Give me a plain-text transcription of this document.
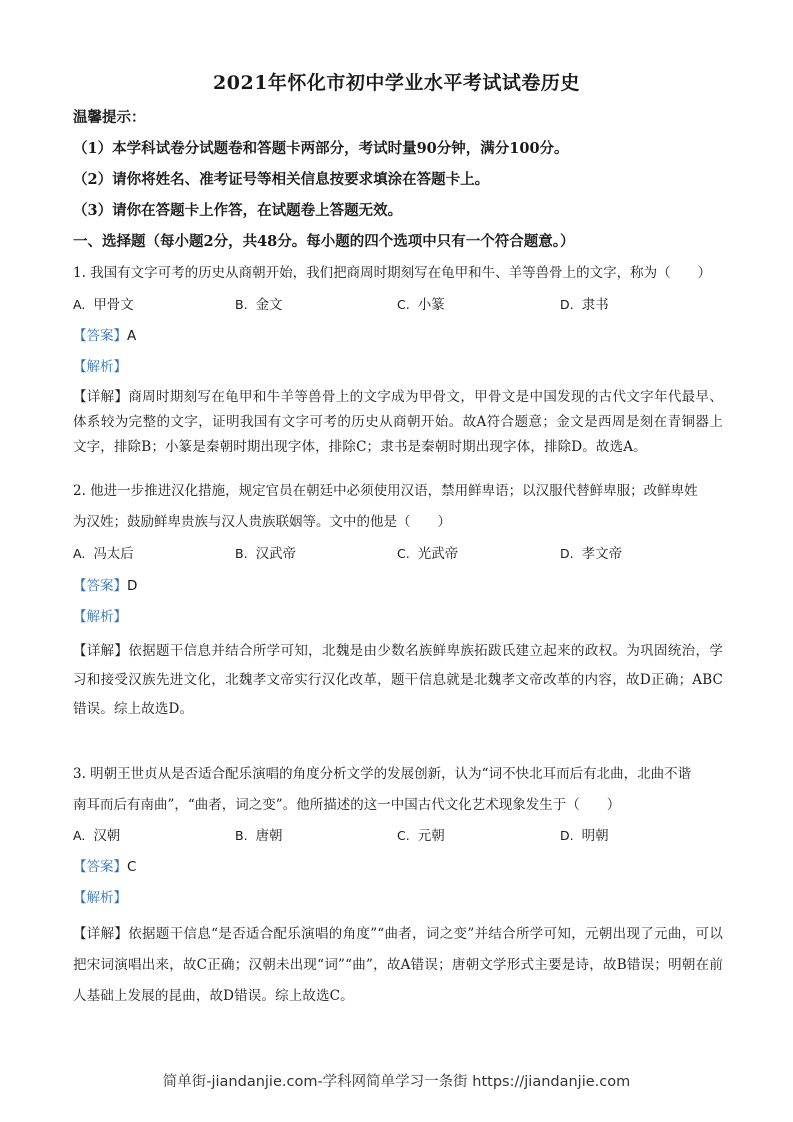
2021年怀化市初中学业水平考试试卷历史
温馨提示：
（1）本学科试卷分试题卷和答题卡两部分，考试时量90分钟，满分100分。
（2）请你将姓名、准考证号等相关信息按要求填涂在答题卡上。
（3）请你在答题卡上作答，在试题卷上答题无效。
一、选择题（每小题2分，共48分。每小题的四个选项中只有一个符合题意。）
1. 我国有文字可考的历史从商朝开始，我们把商周时期刻写在龟甲和牛、羊等兽骨上的文字，称为（　　）
A. 甲骨文	B. 金文	C. 小篆	D. 隶书
【答案】A
【解析】
【详解】商周时期刻写在龟甲和牛羊等兽骨上的文字成为甲骨文，甲骨文是中国发现的古代文字年代最早、体系较为完整的文字，证明我国有文字可考的历史从商朝开始。故A符合题意；金文是西周是刻在青铜器上文字，排除B；小篆是秦朝时期出现字体，排除C；隶书是秦朝时期出现字体，排除D。故选A。
2. 他进一步推进汉化措施，规定官员在朝廷中必须使用汉语，禁用鲜卑语；以汉服代替鲜卑服；改鲜卑姓
为汉姓；鼓励鲜卑贵族与汉人贵族联姻等。文中的他是（　　）
A. 冯太后	B. 汉武帝	C. 光武帝	D. 孝文帝
【答案】D
【解析】
【详解】依据题干信息并结合所学可知，北魏是由少数名族鲜卑族拓跋氏建立起来的政权。为巩固统治，学习和接受汉族先进文化，北魏孝文帝实行汉化改革，题干信息就是北魏孝文帝改革的内容，故D正确；ABC错误。综上故选D。
3. 明朝王世贞从是否适合配乐演唱的角度分析文学的发展创新，认为“词不快北耳而后有北曲，北曲不谐
南耳而后有南曲”，“曲者，词之变”。他所描述的这一中国古代文化艺术现象发生于（　　）
A. 汉朝	B. 唐朝	C. 元朝	D. 明朝
【答案】C
【解析】
【详解】依据题干信息“是否适合配乐演唱的角度”“曲者，词之变”并结合所学可知，元朝出现了元曲，可以把宋词演唱出来，故C正确；汉朝未出现“词”“曲”，故A错误；唐朝文学形式主要是诗，故B错误；明朝在前人基础上发展的昆曲，故D错误。综上故选C。
简单街-jiandanjie.com-学科网简单学习一条街 https://jiandanjie.com
